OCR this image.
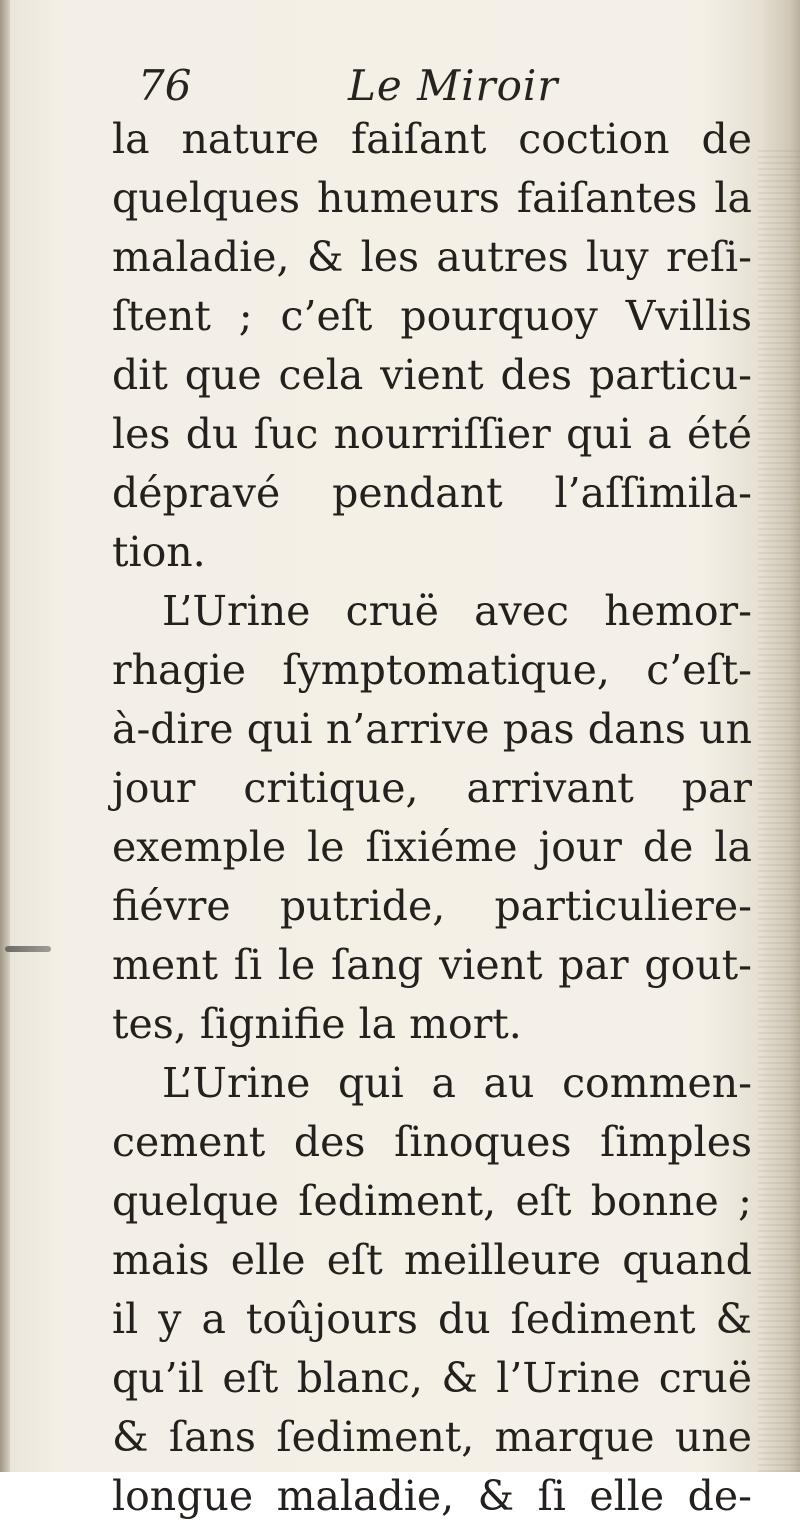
76	Le Miroir
la nature faiſant coction de
quelques humeurs faiſantes la
maladie, & les autres luy reſi-
ſtent ; c’eſt pourquoy Vvillis
dit que cela vient des particu-
les du ſuc nourriſſier qui a été
dépravé pendant l’aſſimila-
tion.
L’Urine cruë avec hemor-
rhagie ſymptomatique, c’eſt-
à-dire qui n’arrive pas dans un
jour critique, arrivant par
exemple le ſixiéme jour de la
fiévre putride, particuliere-
ment ſi le ſang vient par gout-
tes, ſignifie la mort.
L’Urine qui a au commen-
cement des ſinoques ſimples
quelque ſediment, eſt bonne ;
mais elle eſt meilleure quand
il y a toûjours du ſediment &
qu’il eſt blanc, & l’Urine cruë
& ſans ſediment, marque une
longue maladie, & ſi elle de-
